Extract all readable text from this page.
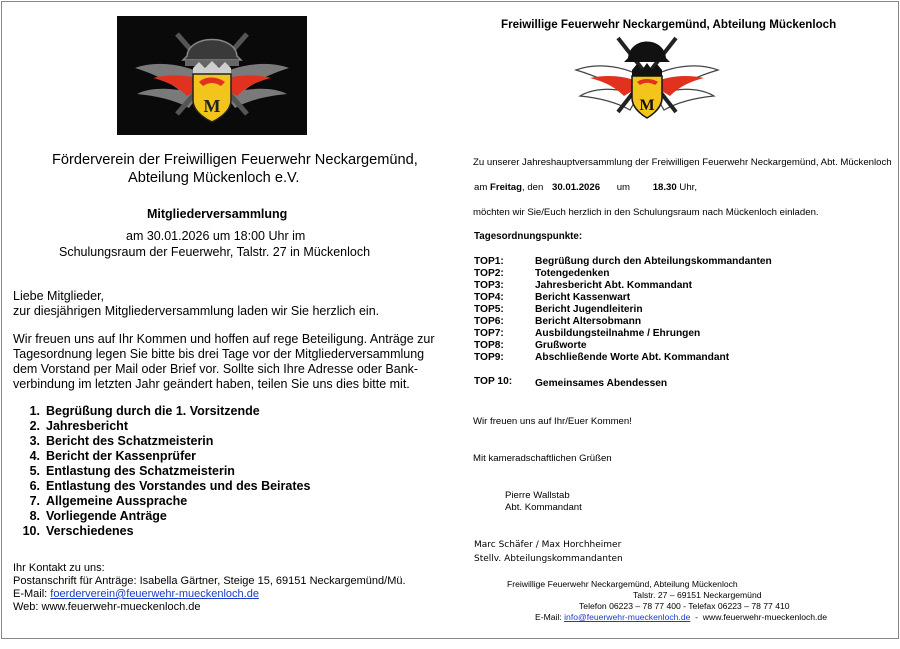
M
Förderverein der Freiwilligen Feuerwehr Neckargemünd,
Abteilung Mückenloch e.V.
Mitgliederversammlung
am 30.01.2026 um 18:00 Uhr im
Schulungsraum der Feuerwehr, Talstr. 27 in Mückenloch
Liebe Mitglieder,
zur diesjährigen Mitgliederversammlung laden wir Sie herzlich ein.
Wir freuen uns auf Ihr Kommen und hoffen auf rege Beteiligung. Anträge zur
Tagesordnung legen Sie bitte bis drei Tage vor der Mitgliederversammlung
dem Vorstand per Mail oder Brief vor. Sollte sich Ihre Adresse oder Bank-
verbindung im letzten Jahr geändert haben, teilen Sie uns dies bitte mit.
1. Begrüßung durch die 1. Vorsitzende
2. Jahresbericht
3. Bericht des Schatzmeisterin
4. Bericht der Kassenprüfer
5. Entlastung des Schatzmeisterin
6. Entlastung des Vorstandes und des Beirates
7. Allgemeine Aussprache
8. Vorliegende Anträge
10. Verschiedenes
Ihr Kontakt zu uns:
Postanschrift für Anträge: Isabella Gärtner, Steige 15, 69151 Neckargemünd/Mü.
E-Mail: foerderverein@feuerwehr-mueckenloch.de
Web: www.feuerwehr-mueckenloch.de
Freiwillige Feuerwehr Neckargemünd, Abteilung Mückenloch
M
Zu unserer Jahreshauptversammlung der Freiwilligen Feuerwehr Neckargemünd, Abt. Mückenloch
am Freitag, den 30.01.2026 um 18.30 Uhr,
möchten wir Sie/Euch herzlich in den Schulungsraum nach Mückenloch einladen.
Tagesordnungspunkte:
TOP1:	Begrüßung durch den Abteilungskommandanten
TOP2:	Totengedenken
TOP3:	Jahresbericht Abt. Kommandant
TOP4:	Bericht Kassenwart
TOP5:	Bericht Jugendleiterin
TOP6:	Bericht Altersobmann
TOP7:	Ausbildungsteilnahme / Ehrungen
TOP8:	Grußworte
TOP9:	Abschließende Worte Abt. Kommandant
TOP 10:	Gemeinsames Abendessen
Wir freuen uns auf Ihr/Euer Kommen!
Mit kameradschaftlichen Grüßen
Pierre Wallstab
Abt. Kommandant
Marc Schäfer / Max Horchheimer
Stellv. Abteilungskommandanten
Freiwillige Feuerwehr Neckargemünd, Abteilung Mückenloch
Talstr. 27 – 69151 Neckargemünd
Telefon 06223 – 78 77 400 - Telefax 06223 – 78 77 410
E-Mail: info@feuerwehr-mueckenloch.de  -  www.feuerwehr-mueckenloch.de
